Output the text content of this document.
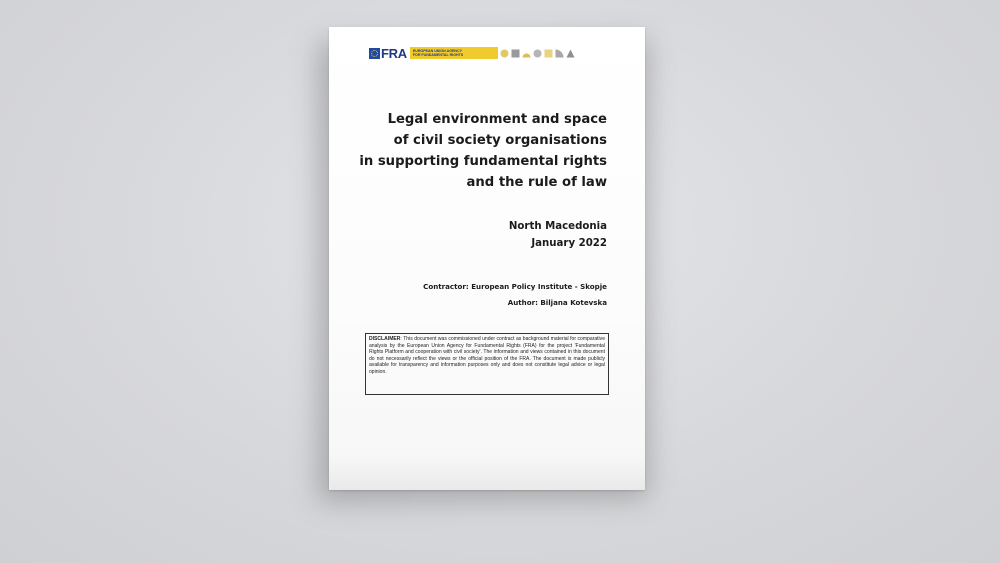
FRA EUROPEAN UNION AGENCY
FOR FUNDAMENTAL RIGHTS
Legal environment and space
of civil society organisations
in supporting fundamental rights
and the rule of law
North Macedonia
January 2022
Contractor: European Policy Institute - Skopje
Author: Biljana Kotevska
DISCLAIMER: This document was commissioned under contract as background material for comparative analysis by the European Union Agency for Fundamental Rights (FRA) for the project 'Fundamental Rights Platform and cooperation with civil society'. The information and views contained in this document do not necessarily reflect the views or the official position of the FRA. The document is made publicly available for transparency and information purposes only and does not constitute legal advice or legal opinion.
